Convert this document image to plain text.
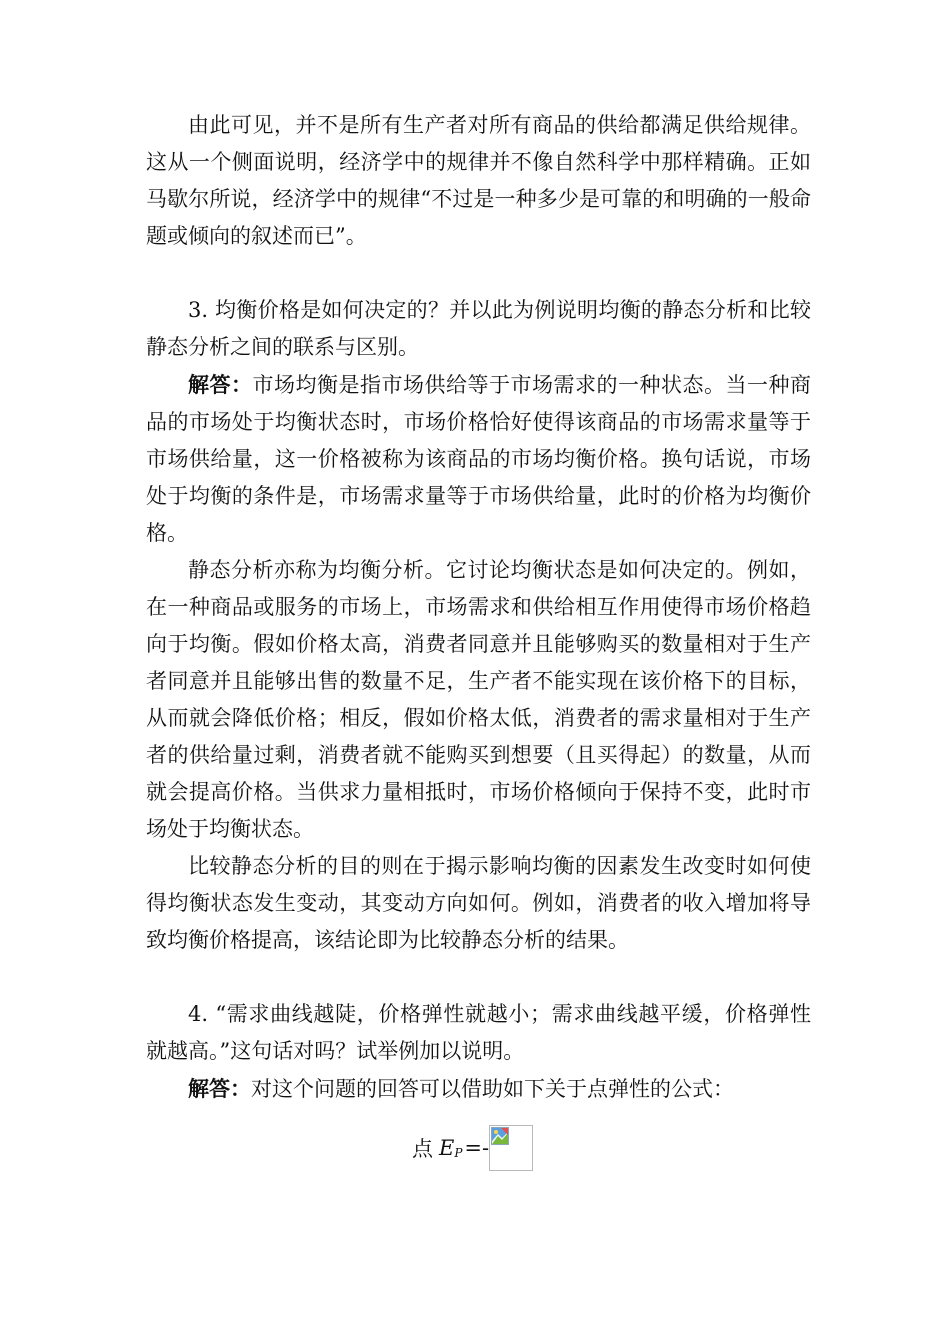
由此可见，并不是所有生产者对所有商品的供给都满足供给规律。这从一个侧面说明，经济学中的规律并不像自然科学中那样精确。正如马歇尔所说，经济学中的规律“不过是一种多少是可靠的和明确的一般命题或倾向的叙述而已”。

3. 均衡价格是如何决定的？并以此为例说明均衡的静态分析和比较静态分析之间的联系与区别。

解答：市场均衡是指市场供给等于市场需求的一种状态。当一种商品的市场处于均衡状态时，市场价格恰好使得该商品的市场需求量等于市场供给量，这一价格被称为该商品的市场均衡价格。换句话说，市场处于均衡的条件是，市场需求量等于市场供给量，此时的价格为均衡价格。

静态分析亦称为均衡分析。它讨论均衡状态是如何决定的。例如，在一种商品或服务的市场上，市场需求和供给相互作用使得市场价格趋向于均衡。假如价格太高，消费者同意并且能够购买的数量相对于生产者同意并且能够出售的数量不足，生产者不能实现在该价格下的目标，从而就会降低价格；相反，假如价格太低，消费者的需求量相对于生产者的供给量过剩，消费者就不能购买到想要（且买得起）的数量，从而就会提高价格。当供求力量相抵时，市场价格倾向于保持不变，此时市场处于均衡状态。

比较静态分析的目的则在于揭示影响均衡的因素发生改变时如何使得均衡状态发生变动，其变动方向如何。例如，消费者的收入增加将导致均衡价格提高，该结论即为比较静态分析的结果。

4. “需求曲线越陡，价格弹性就越小；需求曲线越平缓，价格弹性就越高。”这句话对吗？试举例加以说明。

解答：对这个问题的回答可以借助如下关于点弹性的公式：

点 E P =-
